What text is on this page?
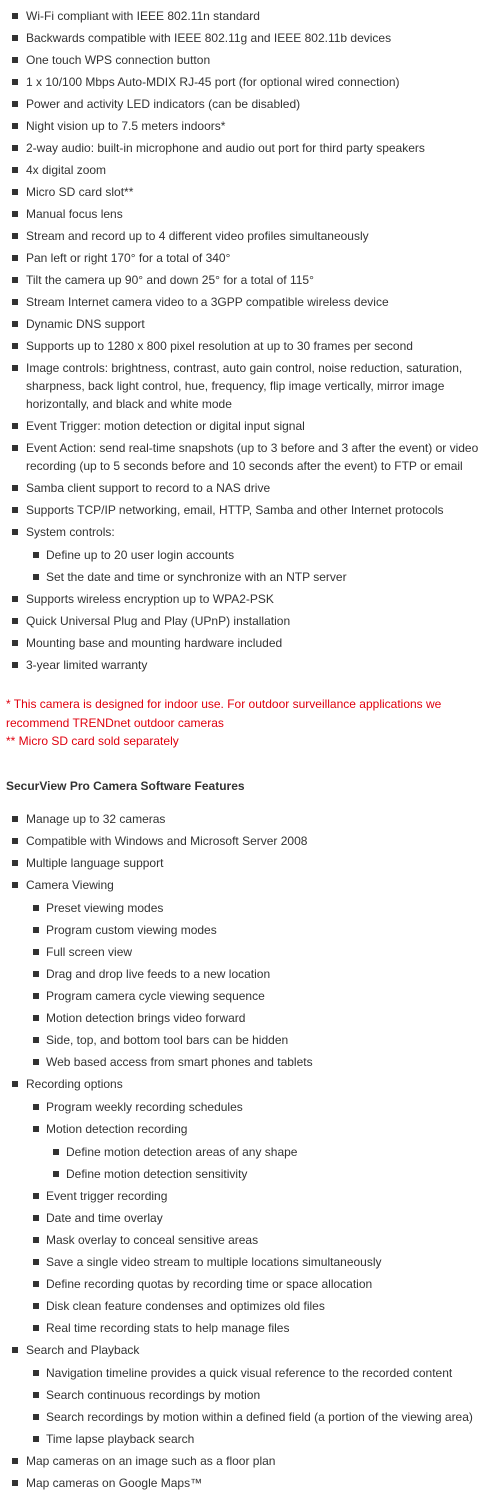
Wi-Fi compliant with IEEE 802.11n standard
Backwards compatible with IEEE 802.11g and IEEE 802.11b devices
One touch WPS connection button
1 x 10/100 Mbps Auto-MDIX RJ-45 port (for optional wired connection)
Power and activity LED indicators (can be disabled)
Night vision up to 7.5 meters indoors*
2-way audio: built-in microphone and audio out port for third party speakers
4x digital zoom
Micro SD card slot**
Manual focus lens
Stream and record up to 4 different video profiles simultaneously
Pan left or right 170° for a total of 340°
Tilt the camera up 90° and down 25° for a total of 115°
Stream Internet camera video to a 3GPP compatible wireless device
Dynamic DNS support
Supports up to 1280 x 800 pixel resolution at up to 30 frames per second
Image controls: brightness, contrast, auto gain control, noise reduction, saturation, sharpness, back light control, hue, frequency, flip image vertically, mirror image horizontally, and black and white mode
Event Trigger: motion detection or digital input signal
Event Action: send real-time snapshots (up to 3 before and 3 after the event) or video recording (up to 5 seconds before and 10 seconds after the event) to FTP or email
Samba client support to record to a NAS drive
Supports TCP/IP networking, email, HTTP, Samba and other Internet protocols
System controls:
Define up to 20 user login accounts
Set the date and time or synchronize with an NTP server
Supports wireless encryption up to WPA2-PSK
Quick Universal Plug and Play (UPnP) installation
Mounting base and mounting hardware included
3-year limited warranty
* This camera is designed for indoor use. For outdoor surveillance applications we recommend TRENDnet outdoor cameras
** Micro SD card sold separately
SecurView Pro Camera Software Features
Manage up to 32 cameras
Compatible with Windows and Microsoft Server 2008
Multiple language support
Camera Viewing
Preset viewing modes
Program custom viewing modes
Full screen view
Drag and drop live feeds to a new location
Program camera cycle viewing sequence
Motion detection brings video forward
Side, top, and bottom tool bars can be hidden
Web based access from smart phones and tablets
Recording options
Program weekly recording schedules
Motion detection recording
Define motion detection areas of any shape
Define motion detection sensitivity
Event trigger recording
Date and time overlay
Mask overlay to conceal sensitive areas
Save a single video stream to multiple locations simultaneously
Define recording quotas by recording time or space allocation
Disk clean feature condenses and optimizes old files
Real time recording stats to help manage files
Search and Playback
Navigation timeline provides a quick visual reference to the recorded content
Search continuous recordings by motion
Search recordings by motion within a defined field (a portion of the viewing area)
Time lapse playback search
Map cameras on an image such as a floor plan
Map cameras on Google Maps™
